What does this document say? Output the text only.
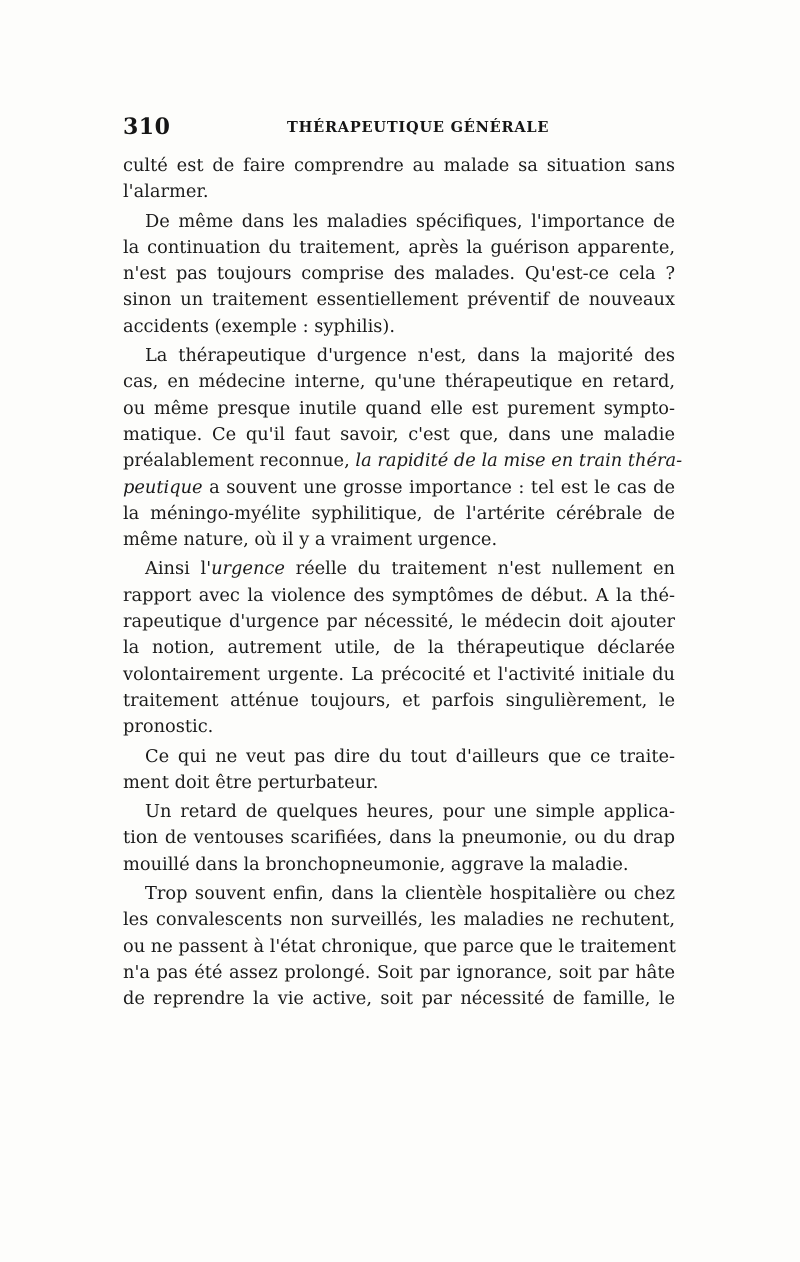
310	THÉRAPEUTIQUE GÉNÉRALE
culté est de faire comprendre au malade sa situation sans
l'alarmer.
De même dans les maladies spécifiques, l'importance de
la continuation du traitement, après la guérison apparente,
n'est pas toujours comprise des malades. Qu'est-ce cela ?
sinon un traitement essentiellement préventif de nouveaux
accidents (exemple : syphilis).
La thérapeutique d'urgence n'est, dans la majorité des
cas, en médecine interne, qu'une thérapeutique en retard,
ou même presque inutile quand elle est purement sympto-
matique. Ce qu'il faut savoir, c'est que, dans une maladie
préalablement reconnue, la rapidité de la mise en train théra-
peutique a souvent une grosse importance : tel est le cas de
la méningo-myélite syphilitique, de l'artérite cérébrale de
même nature, où il y a vraiment urgence.
Ainsi l'urgence réelle du traitement n'est nullement en
rapport avec la violence des symptômes de début. A la thé-
rapeutique d'urgence par nécessité, le médecin doit ajouter
la notion, autrement utile, de la thérapeutique déclarée
volontairement urgente. La précocité et l'activité initiale du
traitement atténue toujours, et parfois singulièrement, le
pronostic.
Ce qui ne veut pas dire du tout d'ailleurs que ce traite-
ment doit être perturbateur.
Un retard de quelques heures, pour une simple applica-
tion de ventouses scarifiées, dans la pneumonie, ou du drap
mouillé dans la bronchopneumonie, aggrave la maladie.
Trop souvent enfin, dans la clientèle hospitalière ou chez
les convalescents non surveillés, les maladies ne rechutent,
ou ne passent à l'état chronique, que parce que le traitement
n'a pas été assez prolongé. Soit par ignorance, soit par hâte
de reprendre la vie active, soit par nécessité de famille, le
